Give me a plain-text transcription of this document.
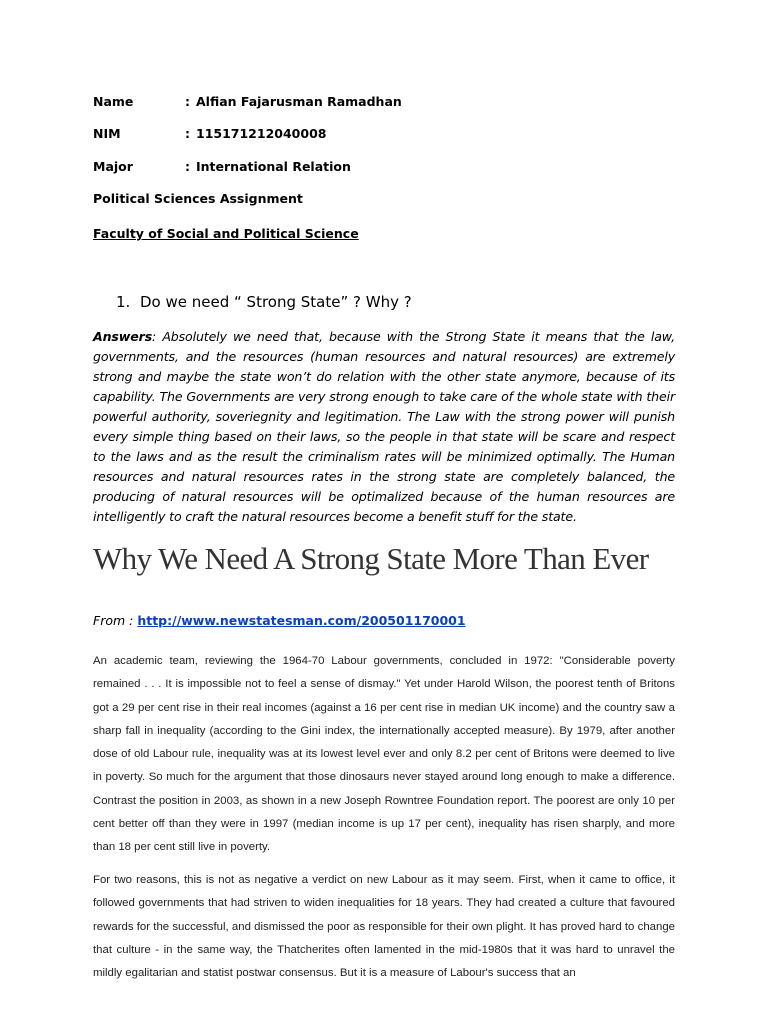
Name	: Alfian Fajarusman Ramadhan
NIM	: 115171212040008
Major	: International Relation
Political Sciences Assignment
Faculty of Social and Political Science
1. Do we need “ Strong State” ? Why ?
Answers: Absolutely we need that, because with the Strong State it means that the law, governments, and the resources (human resources and natural resources) are extremely strong and maybe the state won’t do relation with the other state anymore, because of its capability. The Governments are very strong enough to take care of the whole state with their powerful authority, soveriegnity and legitimation. The Law with the strong power will punish every simple thing based on their laws, so the people in that state will be scare and respect to the laws and as the result the criminalism rates will be minimized optimally. The Human resources and natural resources rates in the strong state are completely balanced, the producing of natural resources will be optimalized because of the human resources are intelligently to craft the natural resources become a benefit stuff for the state.
Why We Need A Strong State More Than Ever
From : http://www.newstatesman.com/200501170001
An academic team, reviewing the 1964-70 Labour governments, concluded in 1972: "Considerable poverty remained . . . It is impossible not to feel a sense of dismay." Yet under Harold Wilson, the poorest tenth of Britons got a 29 per cent rise in their real incomes (against a 16 per cent rise in median UK income) and the country saw a sharp fall in inequality (according to the Gini index, the internationally accepted measure). By 1979, after another dose of old Labour rule, inequality was at its lowest level ever and only 8.2 per cent of Britons were deemed to live in poverty. So much for the argument that those dinosaurs never stayed around long enough to make a difference. Contrast the position in 2003, as shown in a new Joseph Rowntree Foundation report. The poorest are only 10 per cent better off than they were in 1997 (median income is up 17 per cent), inequality has risen sharply, and more than 18 per cent still live in poverty.
For two reasons, this is not as negative a verdict on new Labour as it may seem. First, when it came to office, it followed governments that had striven to widen inequalities for 18 years. They had created a culture that favoured rewards for the successful, and dismissed the poor as responsible for their own plight. It has proved hard to change that culture - in the same way, the Thatcherites often lamented in the mid-1980s that it was hard to unravel the mildly egalitarian and statist postwar consensus. But it is a measure of Labour's success that an
